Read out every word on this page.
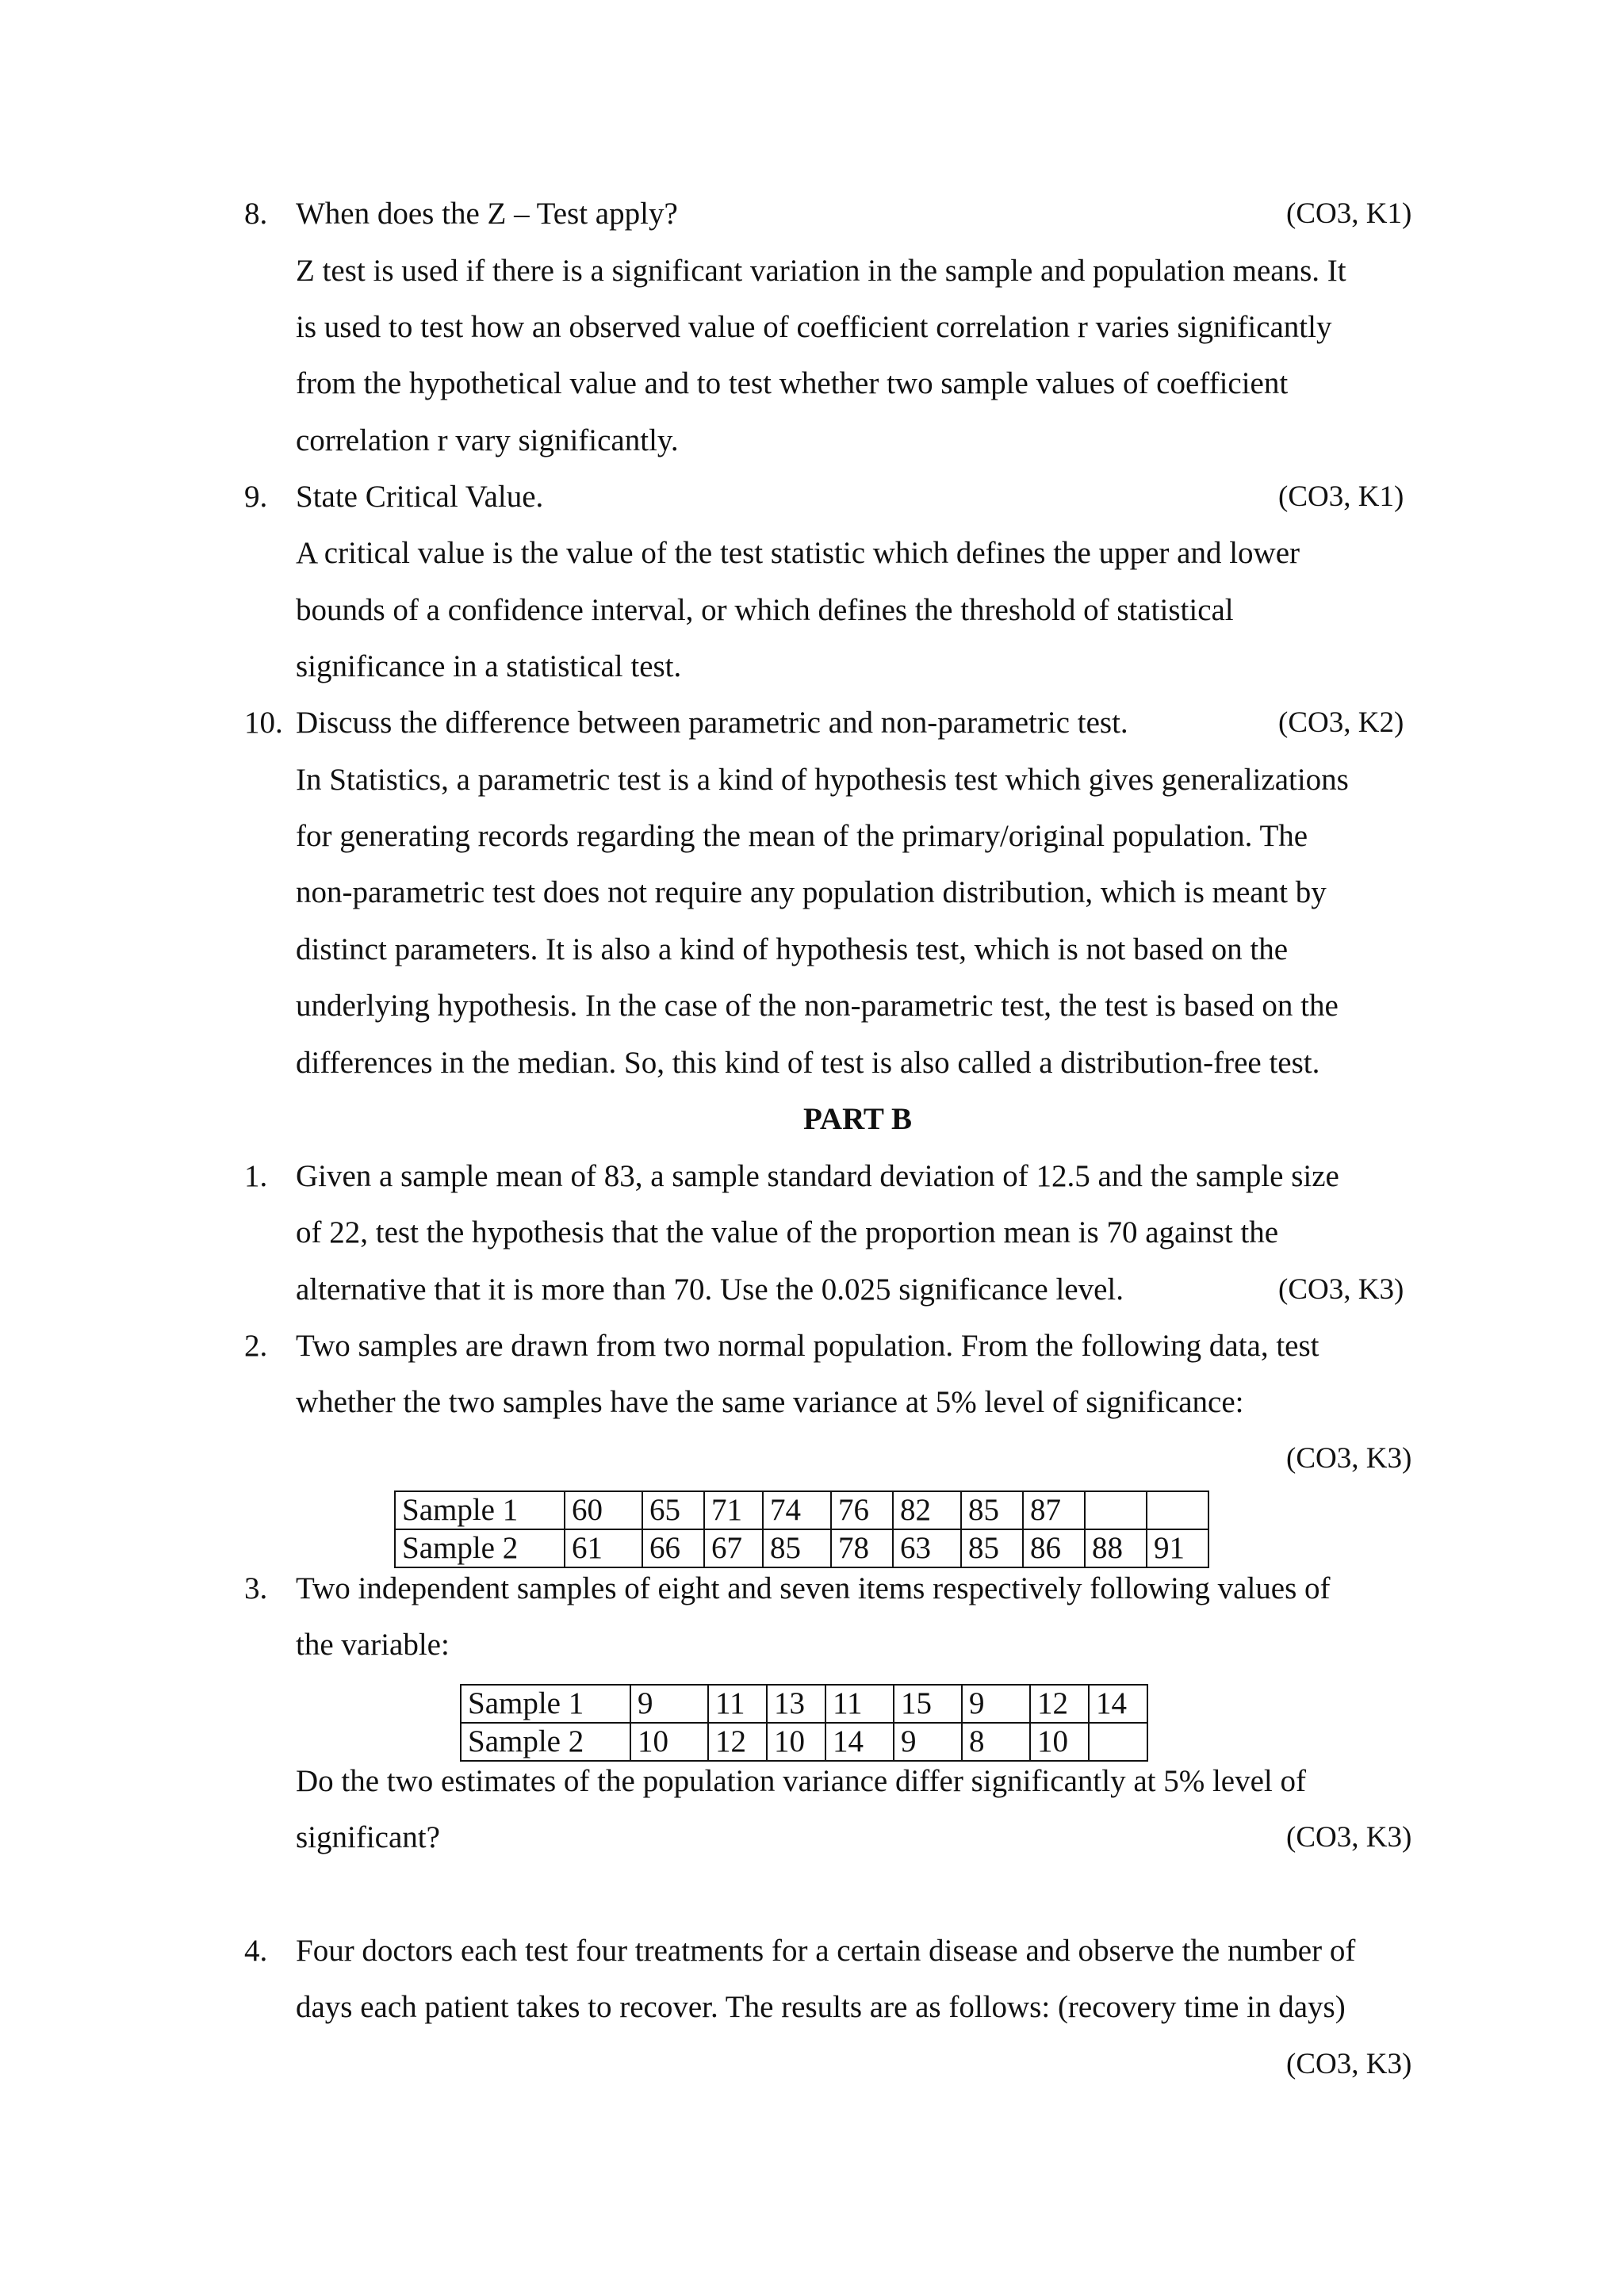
8. When does the Z – Test apply?	(CO3, K1)
Z test is used if there is a significant variation in the sample and population means. It
is used to test how an observed value of coefficient correlation r varies significantly
from the hypothetical value and to test whether two sample values of coefficient
correlation r vary significantly.
9. State Critical Value.	(CO3, K1)
A critical value is the value of the test statistic which defines the upper and lower
bounds of a confidence interval, or which defines the threshold of statistical
significance in a statistical test.
10. Discuss the difference between parametric and non-parametric test.	(CO3, K2)
In Statistics, a parametric test is a kind of hypothesis test which gives generalizations
for generating records regarding the mean of the primary/original population. The
non-parametric test does not require any population distribution, which is meant by
distinct parameters. It is also a kind of hypothesis test, which is not based on the
underlying hypothesis. In the case of the non-parametric test, the test is based on the
differences in the median. So, this kind of test is also called a distribution-free test.
PART B
1. Given a sample mean of 83, a sample standard deviation of 12.5 and the sample size
of 22, test the hypothesis that the value of the proportion mean is 70 against the
alternative that it is more than 70. Use the 0.025 significance level.	(CO3, K3)
2. Two samples are drawn from two normal population. From the following data, test
whether the two samples have the same variance at 5% level of significance:
(CO3, K3)
Sample 1	60	65	71	74	76	82	85	87		
Sample 2	61	66	67	85	78	63	85	86	88	91
3. Two independent samples of eight and seven items respectively following values of
the variable:
Sample 1	9	11	13	11	15	9	12	14
Sample 2	10	12	10	14	9	8	10	
Do the two estimates of the population variance differ significantly at 5% level of
significant?	(CO3, K3)
4. Four doctors each test four treatments for a certain disease and observe the number of
days each patient takes to recover. The results are as follows: (recovery time in days)
(CO3, K3)
